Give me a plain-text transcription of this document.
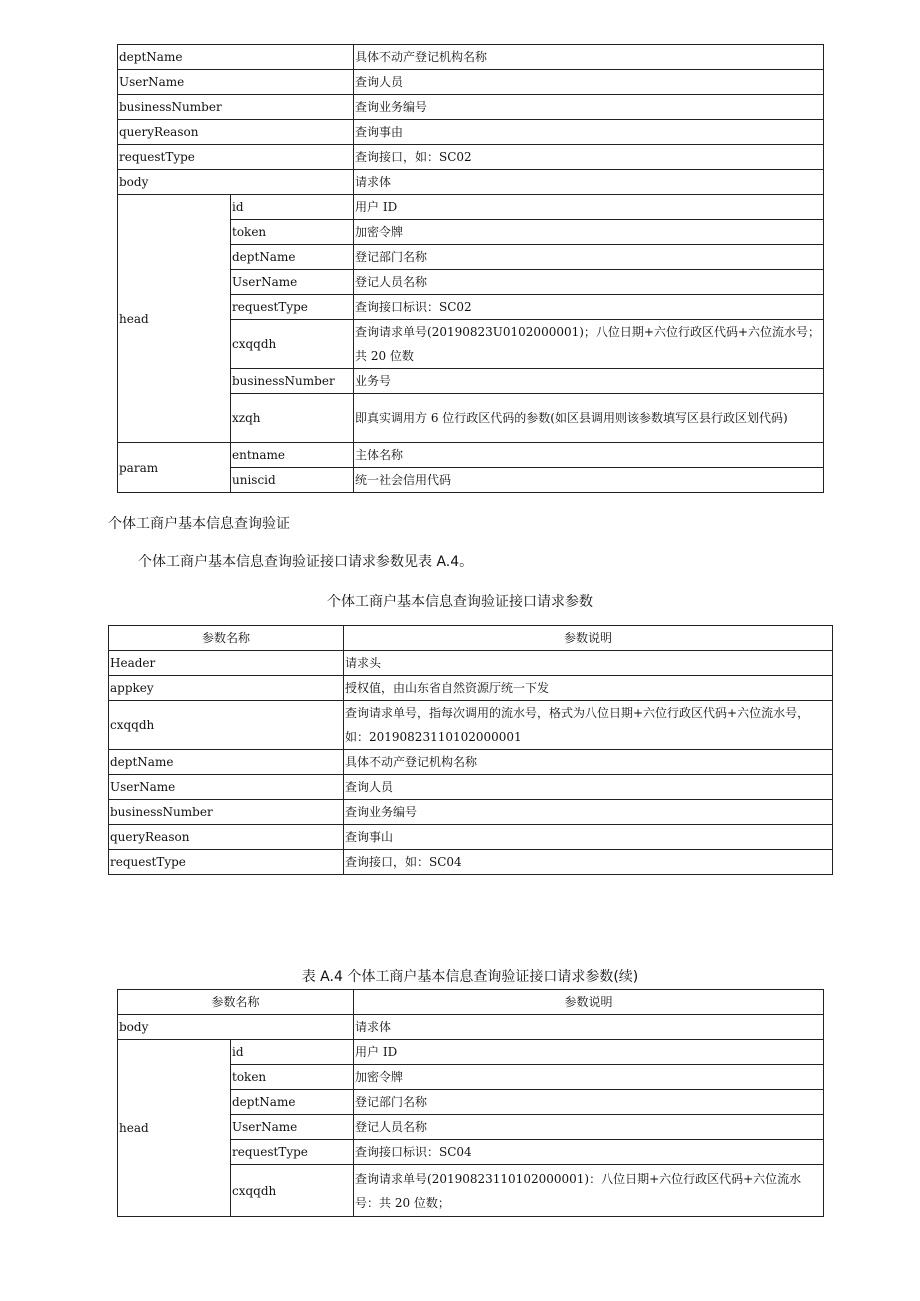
deptName		具体不动产登记机构名称
UserName		查询人员
businessNumber		查询业务编号
queryReason		查询事由
requestType		查询接口，如：SC02
body		请求体
head	id	用户 ID
	token	加密令牌
	deptName	登记部门名称
	UserName	登记人员名称
	requestType	查询接口标识：SC02
	cxqqdh	查询请求单号(20190823U0102000001)；八位日期+六位行政区代码+六位流水号；共 20 位数
	businessNumber	业务号
	xzqh	即真实调用方 6 位行政区代码的参数(如区县调用则该参数填写区县行政区划代码)
param	entname	主体名称
	uniscid	统一社会信用代码
个体工商户基本信息查询验证
个体工商户基本信息查询验证接口请求参数见表 A.4。
个体工商户基本信息查询验证接口请求参数
参数名称	参数说明
Header	请求头
appkey	授权值，由山东省自然资源厅统一下发
cxqqdh	查询请求单号，指每次调用的流水号，格式为八位日期+六位行政区代码+六位流水号，如：20190823110102000001
deptName	具体不动产登记机构名称
UserName	查询人员
businessNumber	查询业务编号
queryReason	查询事山
requestType	查询接口，如：SC04
表 A.4 个体工商户基本信息查询验证接口请求参数(续)
参数名称		参数说明
body		请求体
head	id	用户 ID
	token	加密令牌
	deptName	登记部门名称
	UserName	登记人员名称
	requestType	查询接口标识：SC04
	cxqqdh	查询请求单号(20190823110102000001)：八位日期+六位行政区代码+六位流水号：共 20 位数；
